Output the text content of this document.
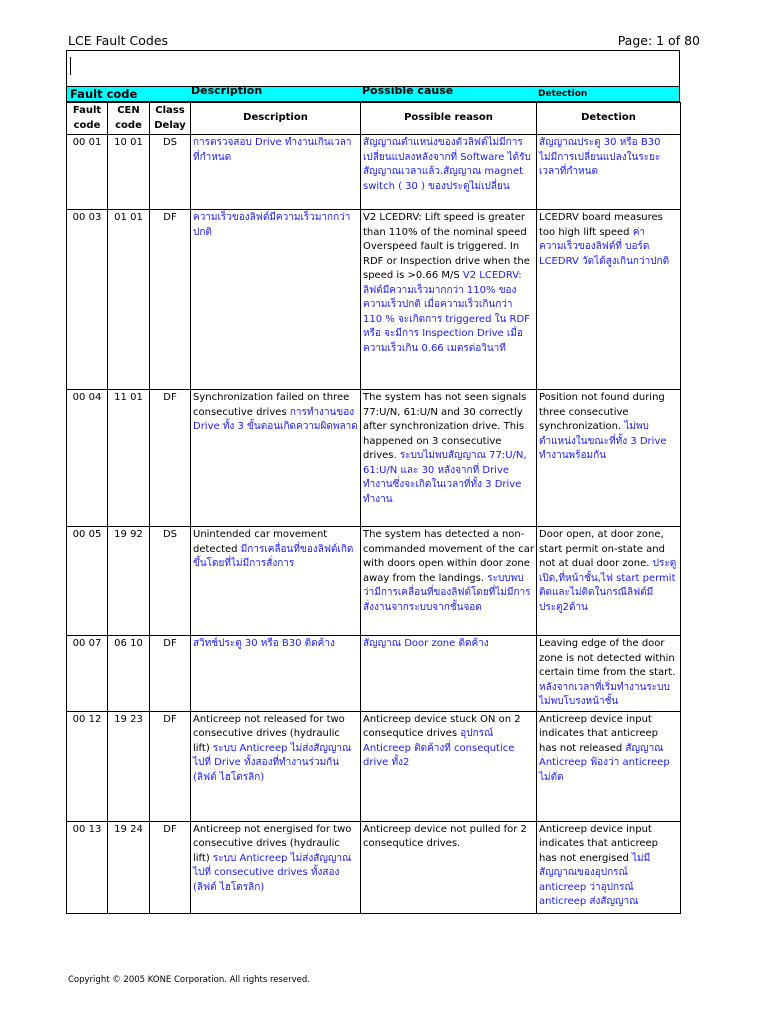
LCE Fault Codes	Page: 1 of 80
Fault code	Description	Possible cause	Detection
Fault code	CEN code	Class Delay	Description	Possible reason	Detection
00 01	10 01	DS	การตรวจสอบ Drive ทำงานเกินเวลาที่กำหนด	สัญญาณตำแหน่งของตัวลิฟต์ไม่มีการเปลี่ยนแปลงหลังจากที่ Software ได้รับสัญญาณเวลาแล้ว.สัญญาณ magnet switch ( 30 ) ของประตูไม่เปลี่ยน	สัญญาณประตู 30 หรือ B30 ไม่มีการเปลี่ยนแปลงในระยะเวลาที่กำหนด
00 03	01 01	DF	ความเร็วของลิฟต์มีความเร็วมากกว่าปกติ	V2 LCEDRV: Lift speed is greater than 110% of the nominal speed Overspeed fault is triggered. In RDF or Inspection drive when the speed is >0.66 M/S V2 LCEDRV: ลิฟต์มีความเร็วมากกว่า 110% ของความเร็วปกติ เมื่อความเร็วเกินกว่า 110 % จะเกิดการ triggered ใน RDF หรือ จะมีการ Inspection Drive เมื่อความเร็วเกิน 0.66 เมตรต่อวินาที	LCEDRV board measures too high lift speed ค่าความเร็วของลิฟต์ที่ บอร์ด LCEDRV วัดได้สูงเกินกว่าปกติ
00 04	11 01	DF	Synchronization failed on three consecutive drives การทำงานของ Drive ทั้ง 3 ขั้นตอนเกิดความผิดพลาด	The system has not seen signals 77:U/N, 61:U/N and 30 correctly after synchronization drive. This happened on 3 consecutive drives. ระบบไม่พบสัญญาณ 77:U/N, 61:U/N และ 30 หลังจากที่ Drive ทำงานซึ่งจะเกิดในเวลาที่ทั้ง 3 Drive ทำงาน	Position not found during three consecutive synchronization. ไม่พบตำแหน่งในขณะที่ทั้ง 3 Drive ทำงานพร้อมกัน
00 05	19 92	DS	Unintended car movement detected มีการเคลื่อนที่ของลิฟต์เกิดขึ้นโดยที่ไม่มีการสั่งการ	The system has detected a non-commanded movement of the car with doors open within door zone away from the landings. ระบบพบว่ามีการเคลื่อนที่ของลิฟต์โดยที่ไม่มีการสั่งงานจากระบบจากชั้นจอด	Door open, at door zone, start permit on-state and not at dual door zone. ประตูเปิด,ที่หน้าชั้น,ไฟ start permit ติดและไม่ติดในกรณีลิฟต์มีประตู2ด้าน
00 07	06 10	DF	สวิทช์ประตู 30 หรือ B30 ติดค้าง	สัญญาณ Door zone ติดค้าง	Leaving edge of the door zone is not detected within certain time from the start. หลังจากเวลาที่เริ่มทำงานระบบไม่พบโบรงหน้าชั้น
00 12	19 23	DF	Anticreep not released for two consecutive drives (hydraulic lift) ระบบ Anticreep ไม่ส่งสัญญาณไปที่ Drive ทั้งสองที่ทำงานร่วมกัน (ลิฟต์ ไฮโดรลิก)	Anticreep device stuck ON on 2 consequtice drives อุปกรณ์ Anticreep ติดค้างที่ consequtice drive ทั้ง2	Anticreep device input indicates that anticreep has not released สัญญาณ Anticreep ฟ้องว่า anticreep ไม่ตัด
00 13	19 24	DF	Anticreep not energised for two consecutive drives (hydraulic lift) ระบบ Anticreep ไม่ส่งสัญญาณไปที่ consecutive drives ทั้งสอง (ลิฟต์ ไฮโดรลิก)	Anticreep device not pulled for 2 consequtice drives.	Anticreep device input indicates that anticreep has not energised ไม่มีสัญญาณของอุปกรณ์ anticreep ว่าอุปกรณ์ anticreep ส่งสัญญาณ
Copyright © 2005 KONE Corporation. All rights reserved.
